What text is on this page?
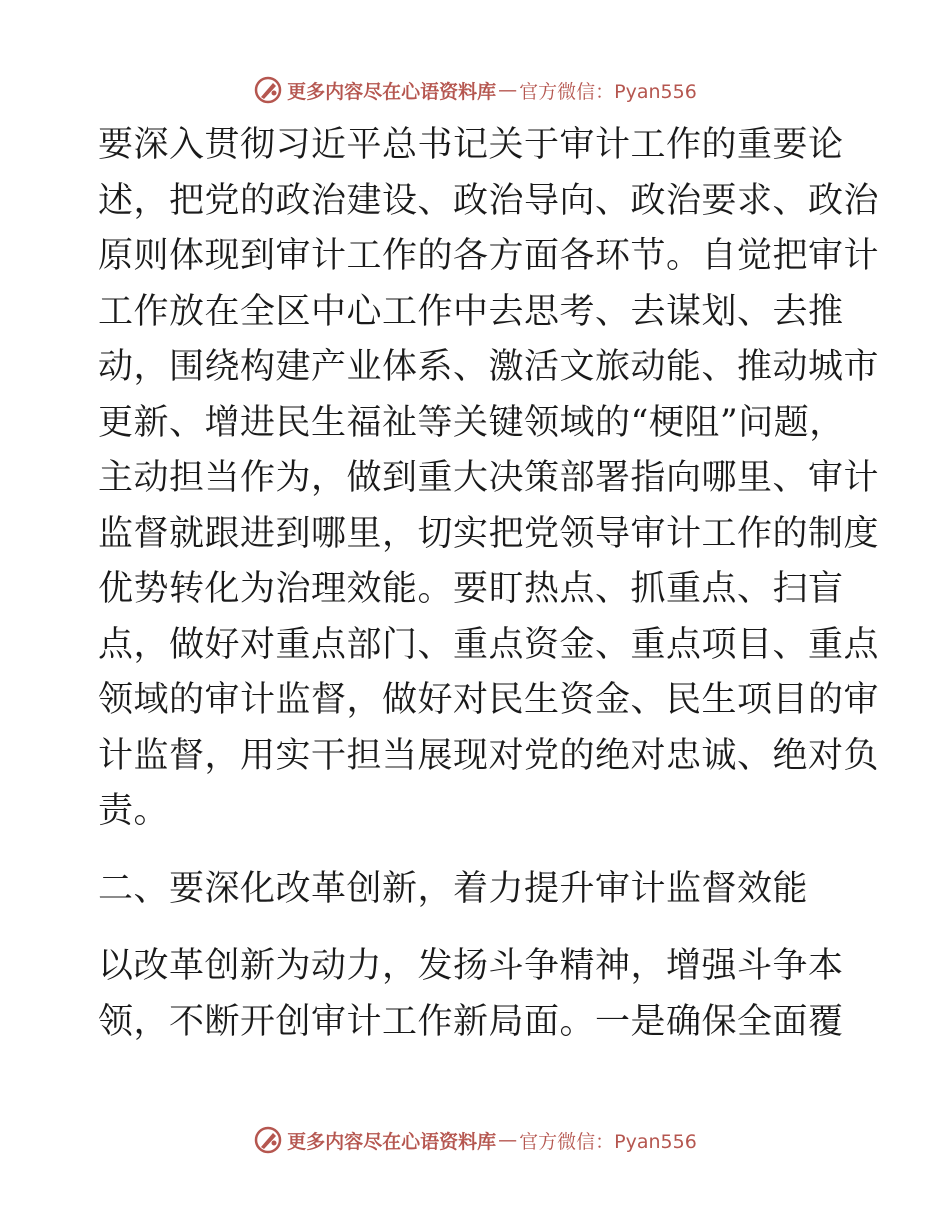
更多内容尽在心语资料库 — 官方微信：Pyan556

要深入贯彻习近平总书记关于审计工作的重要论
述，把党的政治建设、政治导向、政治要求、政治
原则体现到审计工作的各方面各环节。自觉把审计
工作放在全区中心工作中去思考、去谋划、去推
动，围绕构建产业体系、激活文旅动能、推动城市
更新、增进民生福祉等关键领域的“梗阻”问题，
主动担当作为，做到重大决策部署指向哪里、审计
监督就跟进到哪里，切实把党领导审计工作的制度
优势转化为治理效能。要盯热点、抓重点、扫盲
点，做好对重点部门、重点资金、重点项目、重点
领域的审计监督，做好对民生资金、民生项目的审
计监督，用实干担当展现对党的绝对忠诚、绝对负
责。

二、要深化改革创新，着力提升审计监督效能

以改革创新为动力，发扬斗争精神，增强斗争本
领，不断开创审计工作新局面。一是确保全面覆

更多内容尽在心语资料库 — 官方微信：Pyan556
